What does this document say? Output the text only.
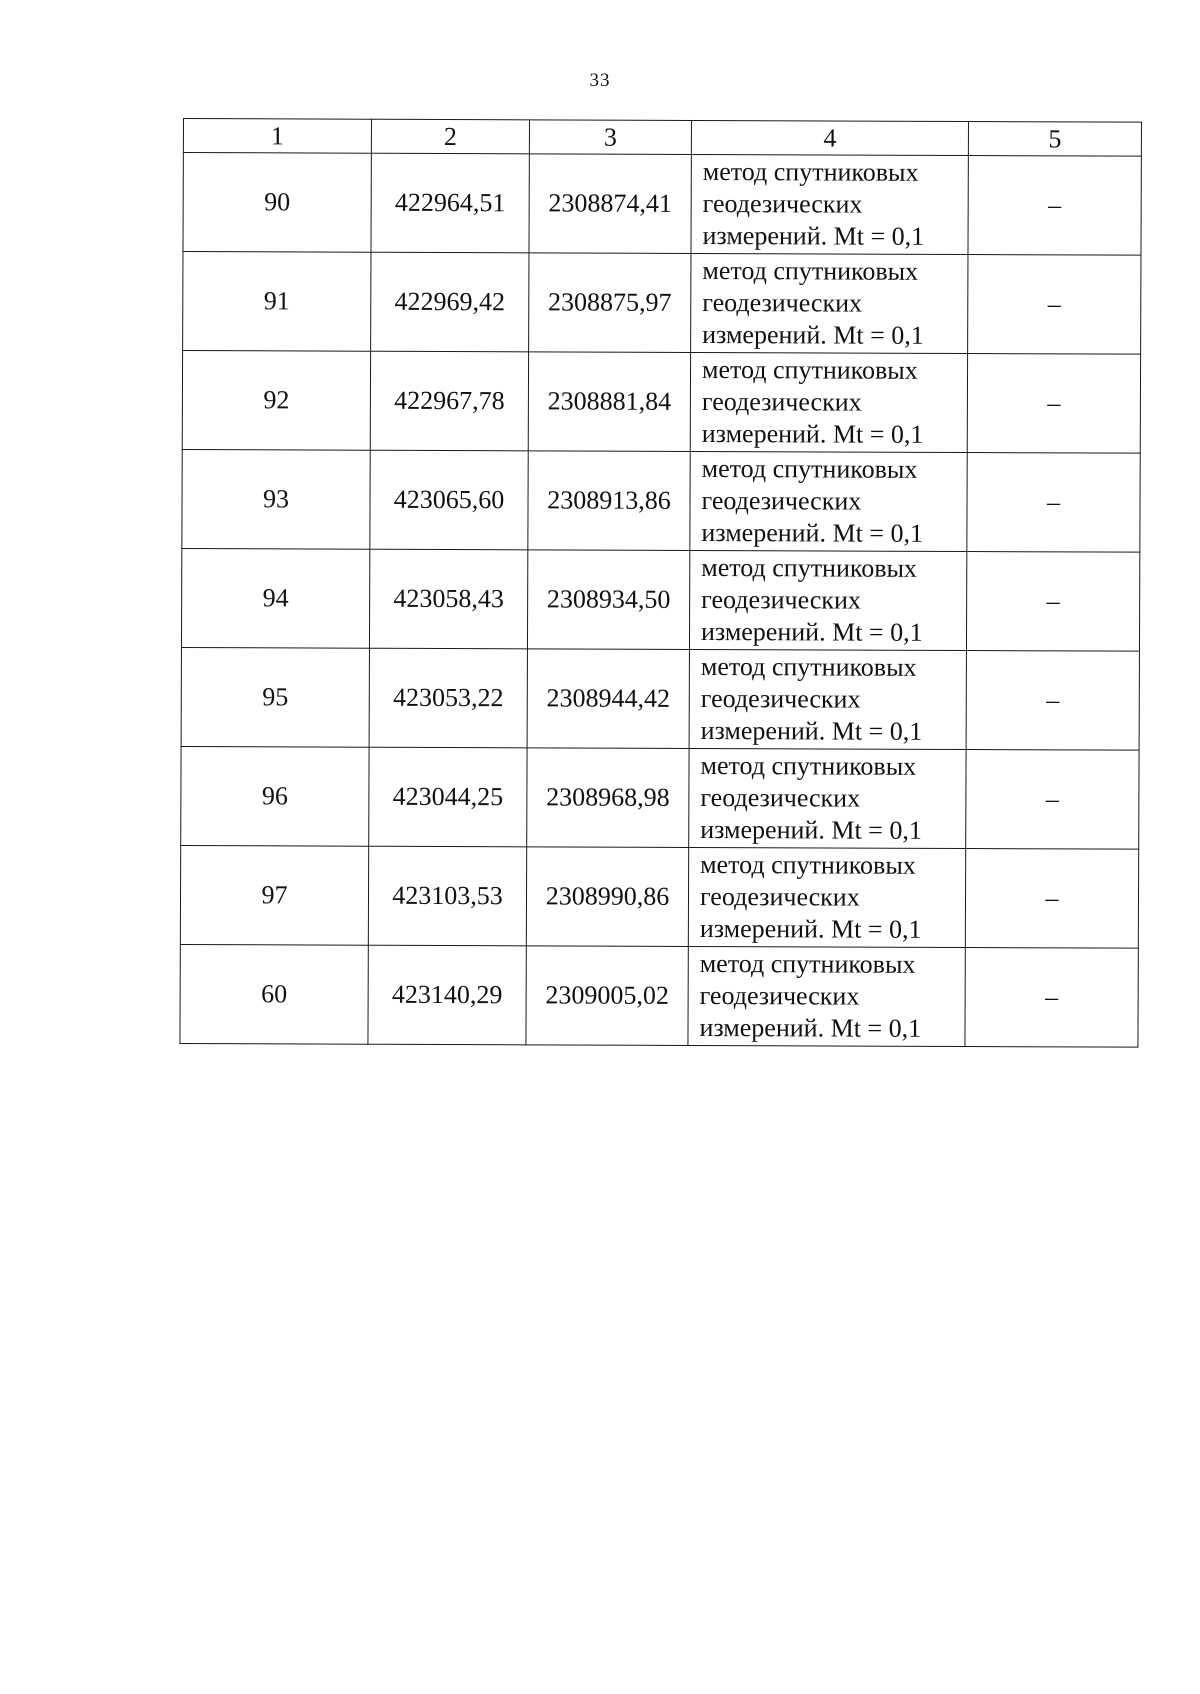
33
1	2	3	4	5
90	422964,51	2308874,41	метод спутниковых
геодезических
измерений. Mt = 0,1	–
91	422969,42	2308875,97	метод спутниковых
геодезических
измерений. Mt = 0,1	–
92	422967,78	2308881,84	метод спутниковых
геодезических
измерений. Mt = 0,1	–
93	423065,60	2308913,86	метод спутниковых
геодезических
измерений. Mt = 0,1	–
94	423058,43	2308934,50	метод спутниковых
геодезических
измерений. Mt = 0,1	–
95	423053,22	2308944,42	метод спутниковых
геодезических
измерений. Mt = 0,1	–
96	423044,25	2308968,98	метод спутниковых
геодезических
измерений. Mt = 0,1	–
97	423103,53	2308990,86	метод спутниковых
геодезических
измерений. Mt = 0,1	–
60	423140,29	2309005,02	метод спутниковых
геодезических
измерений. Mt = 0,1	–
